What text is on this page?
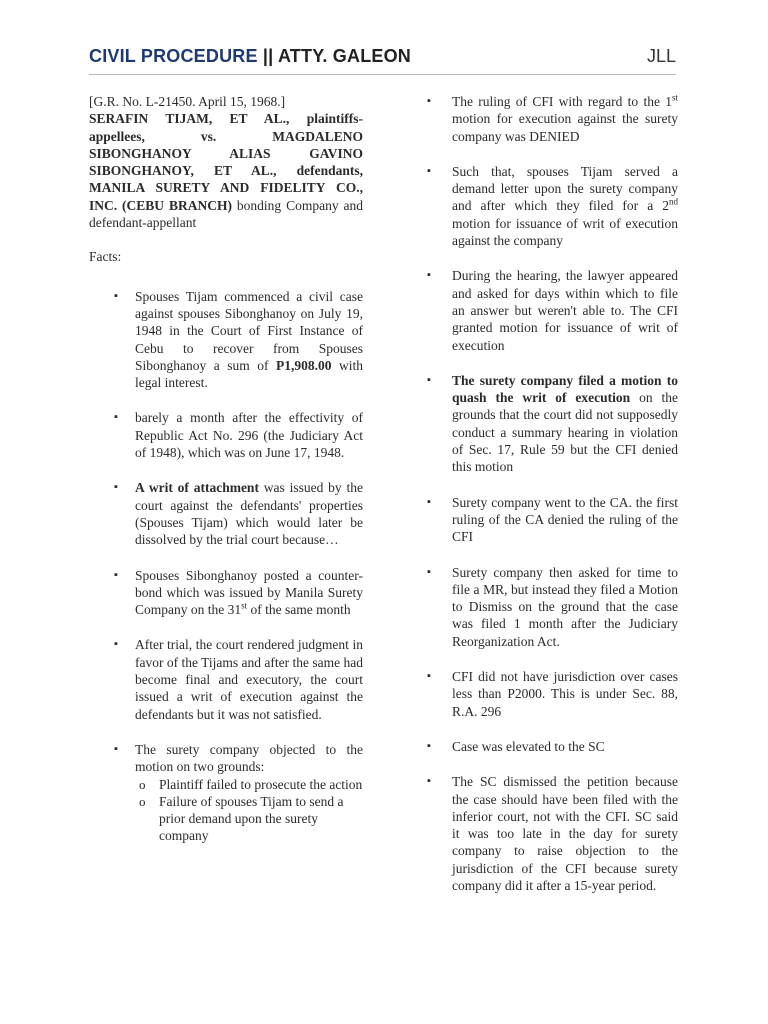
CIVIL PROCEDURE || ATTY. GALEON	JLL

[G.R. No. L-21450. April 15, 1968.]
SERAFIN TIJAM, ET AL., plaintiffs-appellees, vs. MAGDALENO SIBONGHANOY ALIAS GAVINO SIBONGHANOY, ET AL., defendants, MANILA SURETY AND FIDELITY CO., INC. (CEBU BRANCH) bonding Company and defendant-appellant

Facts:

▪ Spouses Tijam commenced a civil case against spouses Sibonghanoy on July 19, 1948 in the Court of First Instance of Cebu to recover from Spouses Sibonghanoy a sum of P1,908.00 with legal interest.
▪ barely a month after the effectivity of Republic Act No. 296 (the Judiciary Act of 1948), which was on June 17, 1948.
▪ A writ of attachment was issued by the court against the defendants' properties (Spouses Tijam) which would later be dissolved by the trial court because…
▪ Spouses Sibonghanoy posted a counter-bond which was issued by Manila Surety Company on the 31st of the same month
▪ After trial, the court rendered judgment in favor of the Tijams and after the same had become final and executory, the court issued a writ of execution against the defendants but it was not satisfied.
▪ The surety company objected to the motion on two grounds:
o Plaintiff failed to prosecute the action
o Failure of spouses Tijam to send a prior demand upon the surety company
▪ The ruling of CFI with regard to the 1st motion for execution against the surety company was DENIED
▪ Such that, spouses Tijam served a demand letter upon the surety company and after which they filed for a 2nd motion for issuance of writ of execution against the company
▪ During the hearing, the lawyer appeared and asked for days within which to file an answer but weren't able to. The CFI granted motion for issuance of writ of execution
▪ The surety company filed a motion to quash the writ of execution on the grounds that the court did not supposedly conduct a summary hearing in violation of Sec. 17, Rule 59 but the CFI denied this motion
▪ Surety company went to the CA. the first ruling of the CA denied the ruling of the CFI
▪ Surety company then asked for time to file a MR, but instead they filed a Motion to Dismiss on the ground that the case was filed 1 month after the Judiciary Reorganization Act.
▪ CFI did not have jurisdiction over cases less than P2000. This is under Sec. 88, R.A. 296
▪ Case was elevated to the SC
▪ The SC dismissed the petition because the case should have been filed with the inferior court, not with the CFI. SC said it was too late in the day for surety company to raise objection to the jurisdiction of the CFI because surety company did it after a 15-year period.
